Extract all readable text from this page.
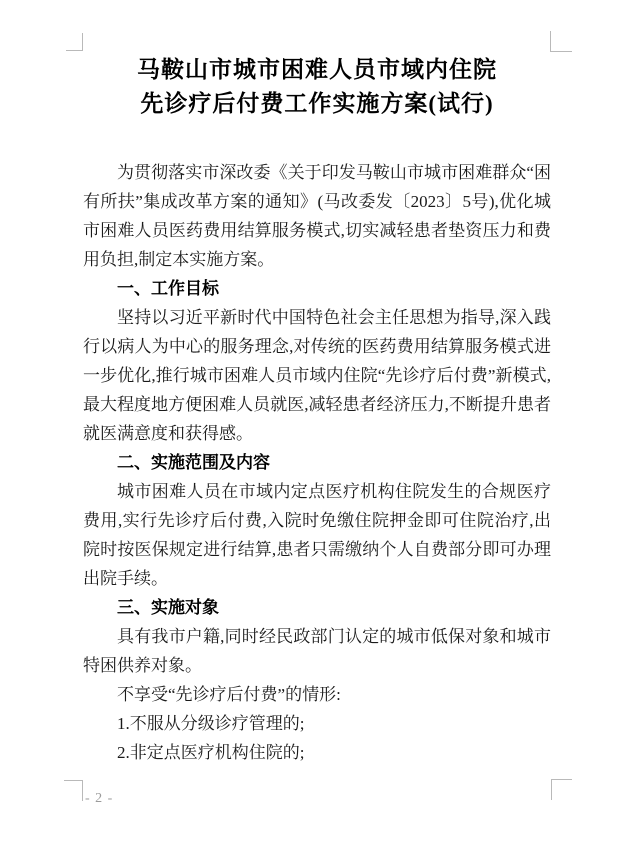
马鞍山市城市困难人员市域内住院
先诊疗后付费工作实施方案(试行)

为贯彻落实市深改委《关于印发马鞍山市城市困难群众“困有所扶”集成改革方案的通知》(马改委发〔2023〕5号),优化城市困难人员医药费用结算服务模式,切实减轻患者垫资压力和费用负担,制定本实施方案。

一、工作目标

坚持以习近平新时代中国特色社会主任思想为指导,深入践行以病人为中心的服务理念,对传统的医药费用结算服务模式进一步优化,推行城市困难人员市域内住院“先诊疗后付费”新模式,最大程度地方便困难人员就医,减轻患者经济压力,不断提升患者就医满意度和获得感。

二、实施范围及内容

城市困难人员在市域内定点医疗机构住院发生的合规医疗费用,实行先诊疗后付费,入院时免缴住院押金即可住院治疗,出院时按医保规定进行结算,患者只需缴纳个人自费部分即可办理出院手续。

三、实施对象

具有我市户籍,同时经民政部门认定的城市低保对象和城市特困供养对象。

不享受“先诊疗后付费”的情形:

1.不服从分级诊疗管理的;

2.非定点医疗机构住院的;

- 2 -
